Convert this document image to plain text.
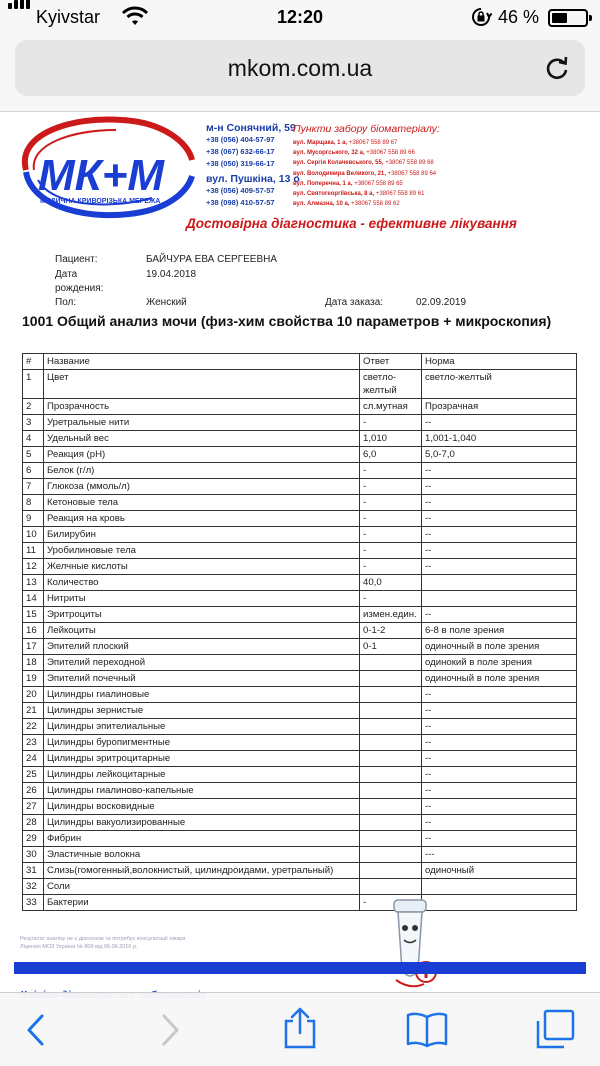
Kyivstar	12:20	46 %
mkom.com.ua
МК+М
МЕДИЧНА КРИВОРІЗЬКА МЕРЕЖА
м-н Сонячний, 59
+38 (056) 404-57-97
+38 (067) 632-66-17
+38 (050) 319-66-17
вул. Пушкіна, 13 о
+38 (056) 409-57-57
+38 (098) 410-57-57
Пункти забору біоматеріалу:
вул. Марщака, 1 а, +38067 558 89 67
вул. Мусоргського, 32 а, +38067 558 89 66
вул. Сергія Колачевського, 55, +38067 558 89 68
вул. Володимира Великого, 21, +38067 558 89 64
вул. Поперечна, 1 а, +38067 558 89 65
вул. Святогеоргіївська, 8 а, +38067 558 89 61
вул. Алмазна, 10 а, +38067 558 89 62
Достовірна діагностика - ефективне лікування
Пациент:	БАЙЧУРА ЕВА СЕРГЕЕВНА
Дата
рождения:
19.04.2018
Пол:	Женский	Дата заказа:	02.09.2019
1001 Общий анализ мочи (физ-хим свойства 10 параметров + микроскопия)
#	Название	Ответ	Норма
1	Цвет	светло-желтый	светло-желтый
2	Прозрачность	сл.мутная	Прозрачная
3	Уретральные нити	-	--
4	Удельный вес	1,010	1,001-1,040
5	Реакция (pH)	6,0	5,0-7,0
6	Белок (г/л)	-	--
7	Глюкоза (ммоль/л)	-	--
8	Кетоновые тела	-	--
9	Реакция на кровь	-	--
10	Билирубин	-	--
11	Уробилиновые тела	-	--
12	Желчные кислоты	-	--
13	Количество	40,0	
14	Нитриты	-	
15	Эритроциты	измен.един.	--
16	Лейкоциты	0-1-2	6-8 в поле зрения
17	Эпителий плоский	0-1	одиночный в поле зрения
18	Эпителий переходной		одинокий в поле зрения
19	Эпителий почечный		одиночный в поле зрения
20	Цилиндры гиалиновые		--
21	Цилиндры зернистые		--
22	Цилиндры эпителиальные		--
23	Цилиндры буропигментные		--
24	Цилиндры эритроцитарные		--
25	Цилиндры лейкоцитарные		--
26	Цилиндры гиалиново-капельные		--
27	Цилиндры восковидные		--
28	Цилиндры вакуолизированные		--
29	Фибрин		--
30	Эластичные волокна		---
31	Слизь(гомогенный,волокнистый, цилиндроидами, уретральный)		одиночный
32	Соли		
33	Бактерии	-	
Результат аналізу не є діагнозом та потребує консультації лікаря
Ліцензія МОЗ України № 809 від 06.06.2016 р.
